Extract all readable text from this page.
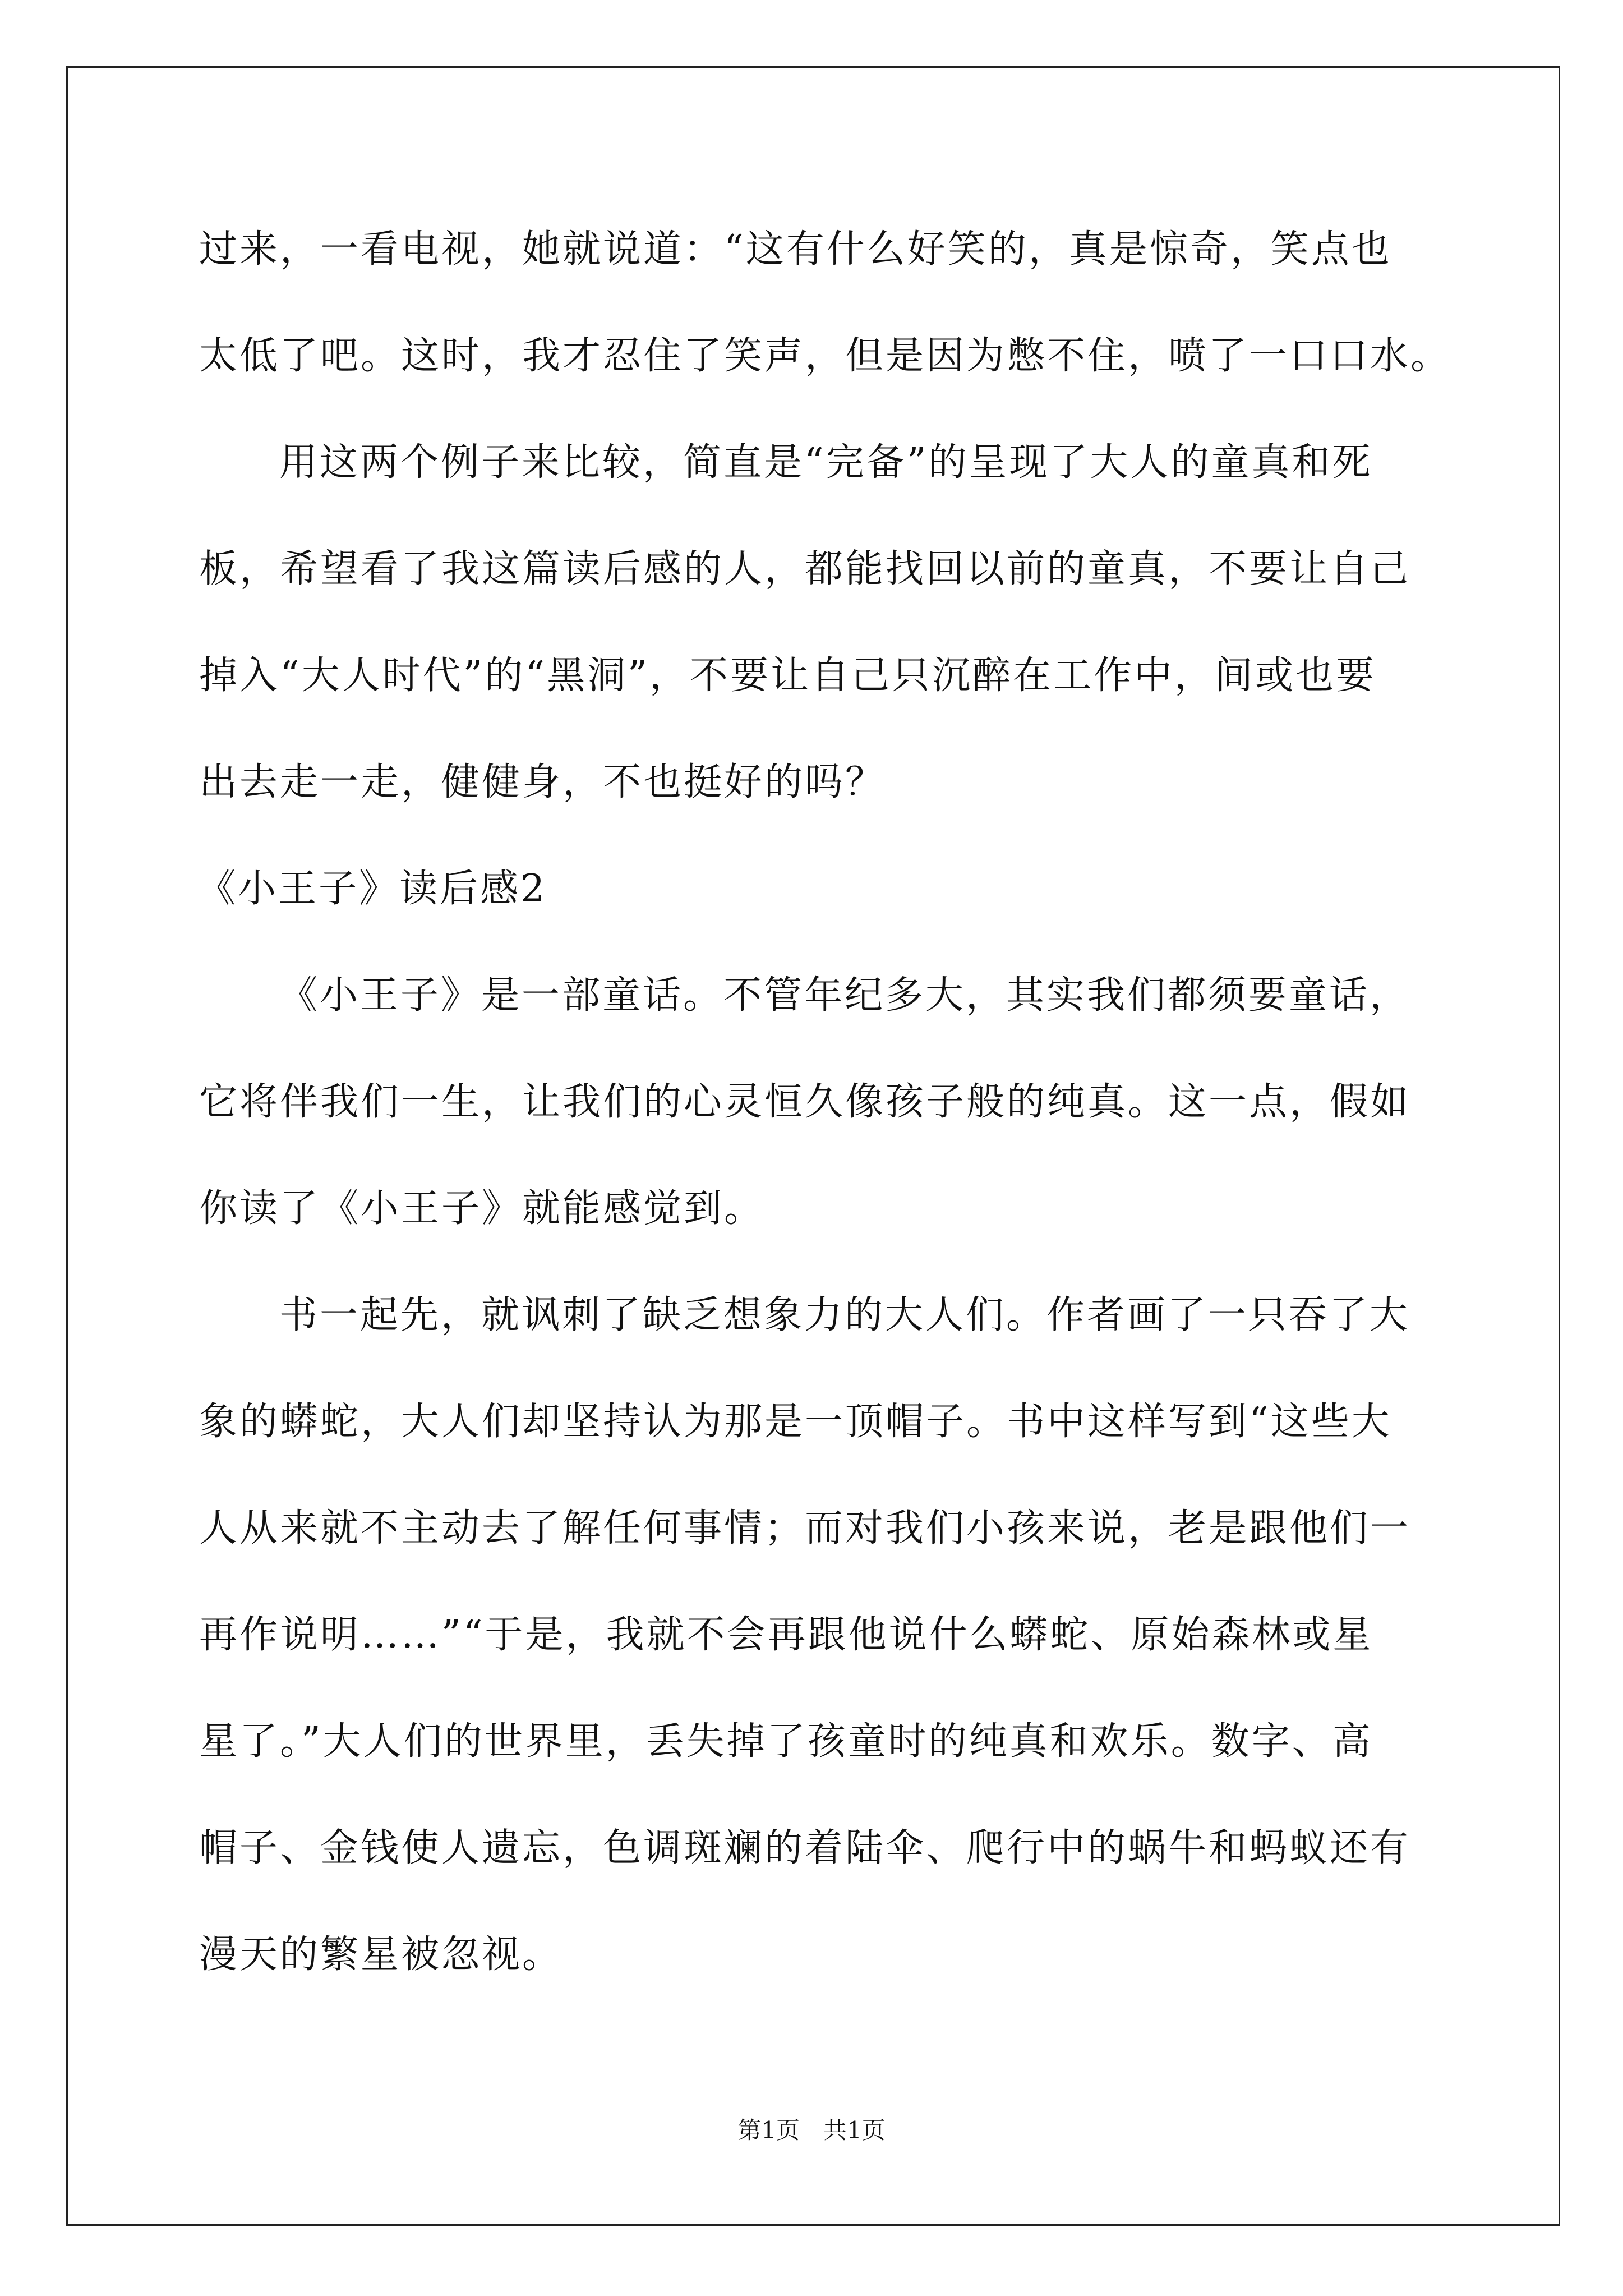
过来，一看电视，她就说道：“这有什么好笑的，真是惊奇，笑点也
太低了吧。这时，我才忍住了笑声，但是因为憋不住，喷了一口口水。
用这两个例子来比较，简直是“完备”的呈现了大人的童真和死
板，希望看了我这篇读后感的人，都能找回以前的童真，不要让自己
掉入“大人时代”的“黑洞”，不要让自己只沉醉在工作中，间或也要
出去走一走，健健身，不也挺好的吗？
《小王子》读后感2
《小王子》是一部童话。不管年纪多大，其实我们都须要童话，
它将伴我们一生，让我们的心灵恒久像孩子般的纯真。这一点，假如
你读了《小王子》就能感觉到。
书一起先，就讽刺了缺乏想象力的大人们。作者画了一只吞了大
象的蟒蛇，大人们却坚持认为那是一顶帽子。书中这样写到“这些大
人从来就不主动去了解任何事情；而对我们小孩来说，老是跟他们一
再作说明……”“于是，我就不会再跟他说什么蟒蛇、原始森林或星
星了。”大人们的世界里，丢失掉了孩童时的纯真和欢乐。数字、高
帽子、金钱使人遗忘，色调斑斓的着陆伞、爬行中的蜗牛和蚂蚁还有
漫天的繁星被忽视。
第1页　共1页
